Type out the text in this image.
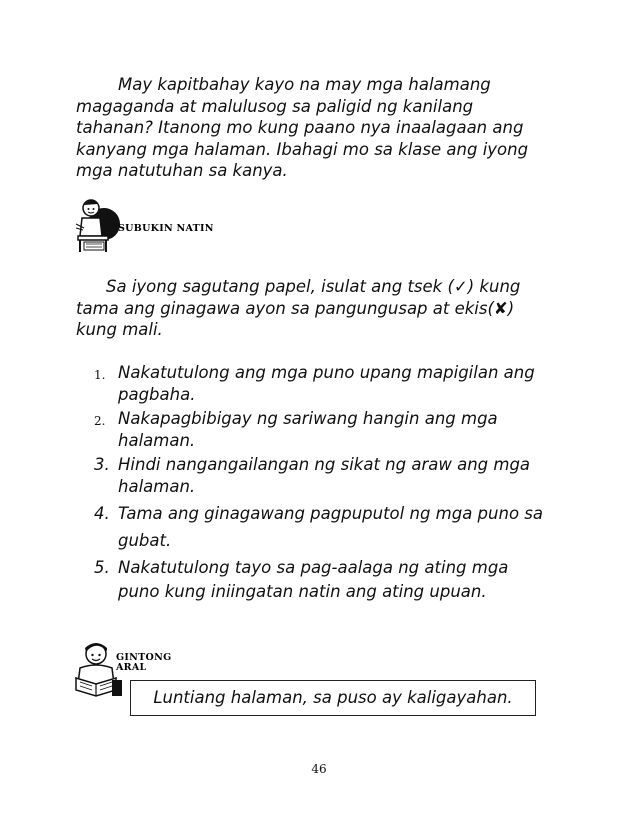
May kapitbahay kayo na may mga halamang magaganda at malulusog sa paligid ng kanilang tahanan? Itanong mo kung paano nya inaalagaan ang kanyang mga halaman. Ibahagi mo sa klase ang iyong mga natutuhan sa kanya.

SUBUKIN NATIN

Sa iyong sagutang papel, isulat ang tsek (✓) kung tama ang ginagawa ayon sa pangungusap at ekis(✘) kung mali.

1. Nakatutulong ang mga puno upang mapigilan ang pagbaha.
2. Nakapagbibigay ng sariwang hangin ang mga halaman.
3. Hindi nangangailangan ng sikat ng araw ang mga halaman.
4. Tama ang ginagawang pagpuputol ng mga puno sa gubat.
5. Nakatutulong tayo sa pag-aalaga ng ating mga puno kung iniingatan natin ang ating upuan.
GINTONG
ARAL
Luntiang halaman, sa puso ay kaligayahan.
46
